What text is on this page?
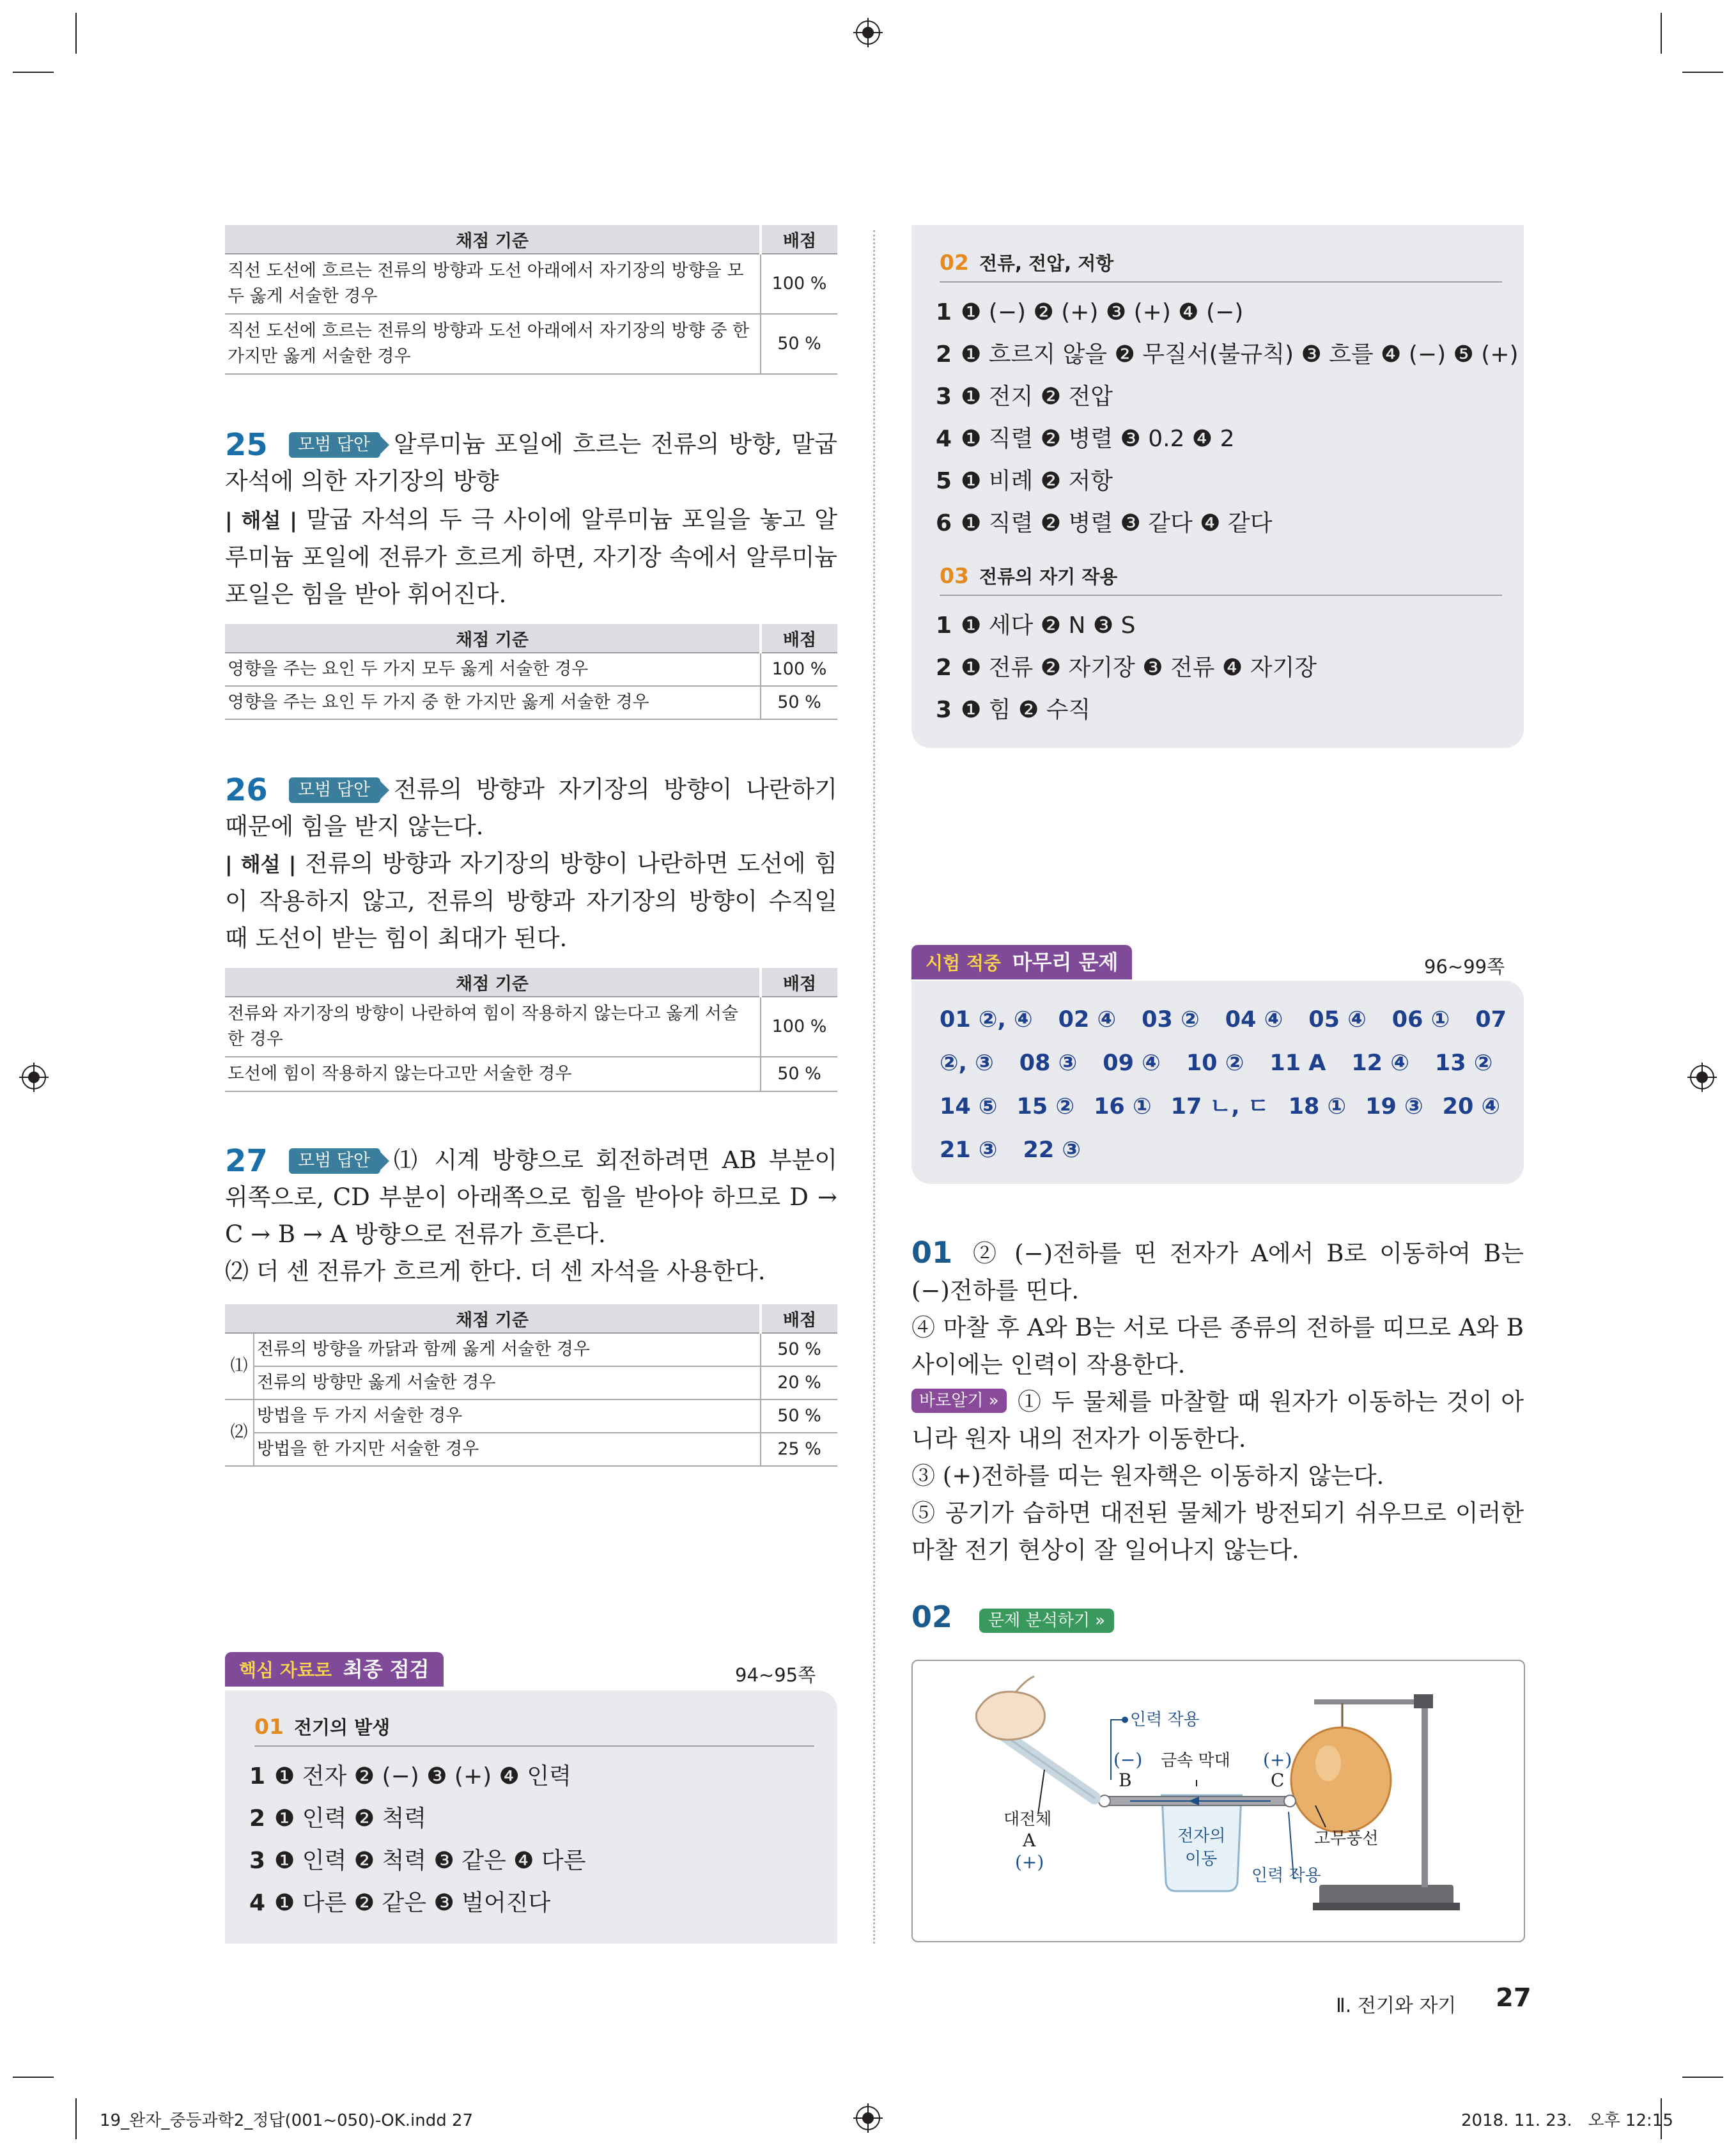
채점 기준	배점
직선 도선에 흐르는 전류의 방향과 도선 아래에서 자기장의 방향을 모두 옳게 서술한 경우	100 %
직선 도선에 흐르는 전류의 방향과 도선 아래에서 자기장의 방향 중 한 가지만 옳게 서술한 경우	50 %
25	모범 답안	알루미늄 포일에 흐르는 전류의 방향, 말굽 자석에 의한 자기장의 방향
| 해설 | 말굽 자석의 두 극 사이에 알루미늄 포일을 놓고 알루미늄 포일에 전류가 흐르게 하면, 자기장 속에서 알루미늄 포일은 힘을 받아 휘어진다.
채점 기준	배점
영향을 주는 요인 두 가지 모두 옳게 서술한 경우	100 %
영향을 주는 요인 두 가지 중 한 가지만 옳게 서술한 경우	50 %
26	모범 답안	전류의 방향과 자기장의 방향이 나란하기 때문에 힘을 받지 않는다.
| 해설 | 전류의 방향과 자기장의 방향이 나란하면 도선에 힘이 작용하지 않고, 전류의 방향과 자기장의 방향이 수직일 때 도선이 받는 힘이 최대가 된다.
채점 기준	배점
전류와 자기장의 방향이 나란하여 힘이 작용하지 않는다고 옳게 서술한 경우	100 %
도선에 힘이 작용하지 않는다고만 서술한 경우	50 %
27	모범 답안	⑴ 시계 방향으로 회전하려면 AB 부분이 위쪽으로, CD 부분이 아래쪽으로 힘을 받아야 하므로 D → C → B → A 방향으로 전류가 흐른다.
⑵ 더 센 전류가 흐르게 한다. 더 센 자석을 사용한다.
채점 기준		배점
⑴	전류의 방향을 까닭과 함께 옳게 서술한 경우	50 %
	전류의 방향만 옳게 서술한 경우	20 %
⑵	방법을 두 가지 서술한 경우	50 %
	방법을 한 가지만 서술한 경우	25 %
핵심 자료로 최종 점검	94~95쪽
01 전기의 발생
1 ❶ 전자 ❷ (−) ❸ (+) ❹ 인력
2 ❶ 인력 ❷ 척력
3 ❶ 인력 ❷ 척력 ❸ 같은 ❹ 다른
4 ❶ 다른 ❷ 같은 ❸ 벌어진다
02 전류, 전압, 저항
1 ❶ (−) ❷ (+) ❸ (+) ❹ (−)
2 ❶ 흐르지 않을 ❷ 무질서(불규칙) ❸ 흐를 ❹ (−) ❺ (+)
3 ❶ 전지 ❷ 전압
4 ❶ 직렬 ❷ 병렬 ❸ 0.2 ❹ 2
5 ❶ 비례 ❷ 저항
6 ❶ 직렬 ❷ 병렬 ❸ 같다 ❹ 같다
03 전류의 자기 작용
1 ❶ 세다 ❷ N ❸ S
2 ❶ 전류 ❷ 자기장 ❸ 전류 ❹ 자기장
3 ❶ 힘 ❷ 수직
시험 적중 마무리 문제	96~99쪽
01 ②, ④ 02 ④ 03 ② 04 ④ 05 ④ 06 ① 07
②, ③ 08 ③ 09 ④ 10 ② 11 A 12 ④ 13 ②
14 ⑤ 15 ② 16 ① 17 ㄴ, ㄷ 18 ① 19 ③ 20 ④
21 ③ 22 ③
01 ② (−)전하를 띤 전자가 A에서 B로 이동하여 B는 (−)전하를 띤다.
④ 마찰 후 A와 B는 서로 다른 종류의 전하를 띠므로 A와 B 사이에는 인력이 작용한다.
바로알기 » ① 두 물체를 마찰할 때 원자가 이동하는 것이 아니라 원자 내의 전자가 이동한다.
③ (+)전하를 띠는 원자핵은 이동하지 않는다.
⑤ 공기가 습하면 대전된 물체가 방전되기 쉬우므로 이러한 마찰 전기 현상이 잘 일어나지 않는다.
02	문제 분석하기 »
인력 작용
(−) 금속 막대 (+)
B	C
대전체
A
(+)
전자의
이동
고무풍선
인력 작용
Ⅱ. 전기와 자기 27
19_완자_중등과학2_정답(001~050)-OK.indd 27	2018. 11. 23.   오후 12:15
